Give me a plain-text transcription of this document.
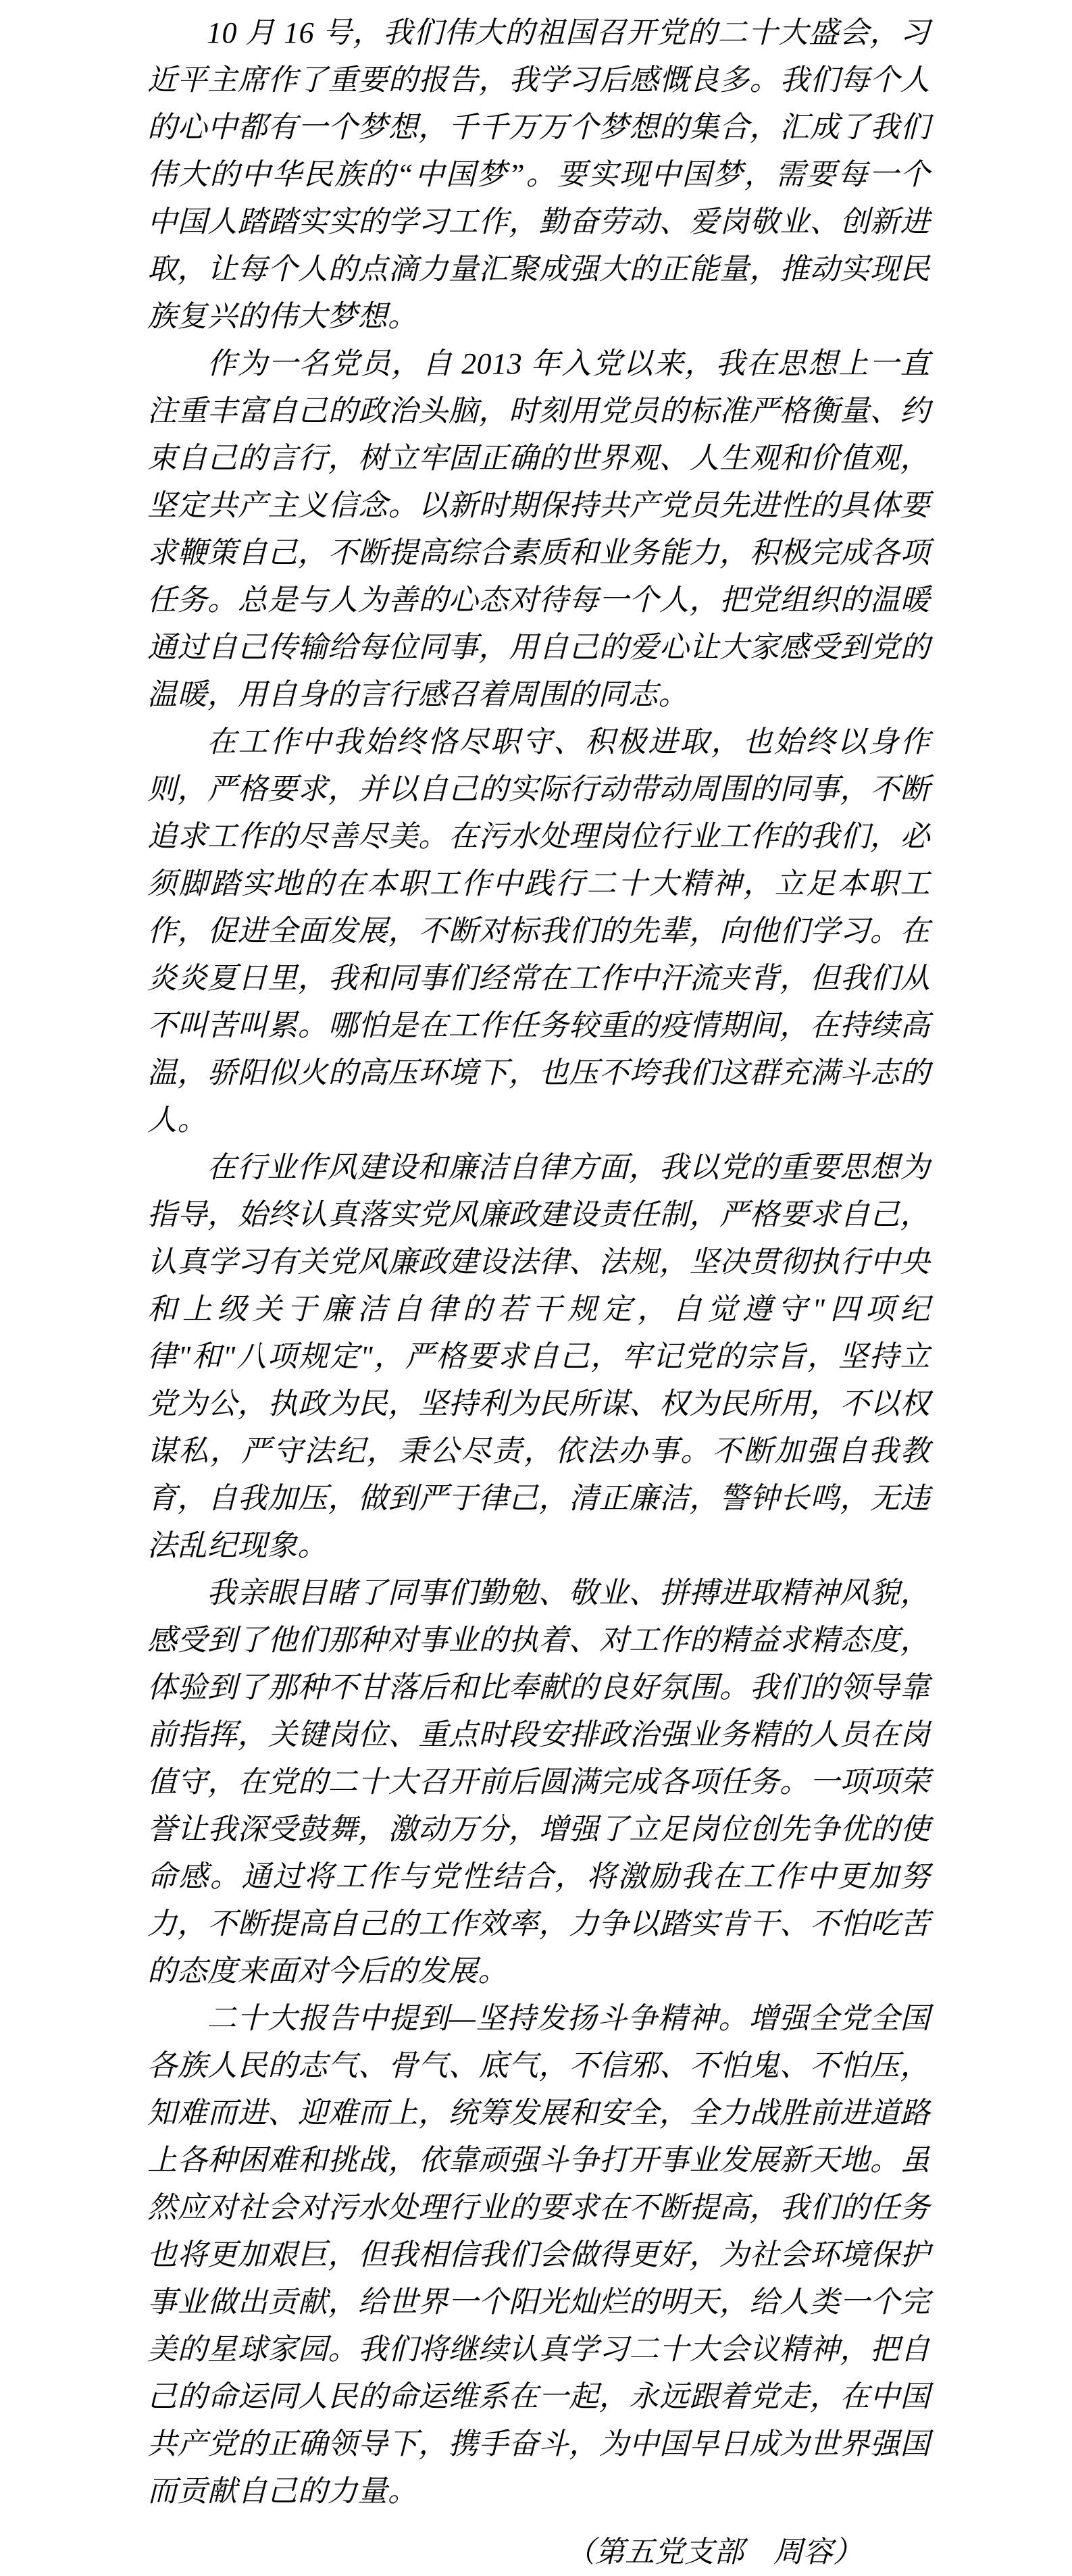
10 月 16 号，我们伟大的祖国召开党的二十大盛会，习近平主席作了重要的报告，我学习后感慨良多。我们每个人的心中都有一个梦想，千千万万个梦想的集合，汇成了我们伟大的中华民族的“中国梦”。要实现中国梦，需要每一个中国人踏踏实实的学习工作，勤奋劳动、爱岗敬业、创新进取，让每个人的点滴力量汇聚成强大的正能量，推动实现民族复兴的伟大梦想。

作为一名党员，自 2013 年入党以来，我在思想上一直注重丰富自己的政治头脑，时刻用党员的标准严格衡量、约束自己的言行，树立牢固正确的世界观、人生观和价值观，坚定共产主义信念。以新时期保持共产党员先进性的具体要求鞭策自己，不断提高综合素质和业务能力，积极完成各项任务。总是与人为善的心态对待每一个人，把党组织的温暖通过自己传输给每位同事，用自己的爱心让大家感受到党的温暖，用自身的言行感召着周围的同志。

在工作中我始终恪尽职守、积极进取，也始终以身作则，严格要求，并以自己的实际行动带动周围的同事，不断追求工作的尽善尽美。在污水处理岗位行业工作的我们，必须脚踏实地的在本职工作中践行二十大精神，立足本职工作，促进全面发展，不断对标我们的先辈，向他们学习。在炎炎夏日里，我和同事们经常在工作中汗流夹背，但我们从不叫苦叫累。哪怕是在工作任务较重的疫情期间，在持续高温，骄阳似火的高压环境下，也压不垮我们这群充满斗志的人。

在行业作风建设和廉洁自律方面，我以党的重要思想为指导，始终认真落实党风廉政建设责任制，严格要求自己，认真学习有关党风廉政建设法律、法规，坚决贯彻执行中央和上级关于廉洁自律的若干规定，自觉遵守"四项纪律"和"八项规定"，严格要求自己，牢记党的宗旨，坚持立党为公，执政为民，坚持利为民所谋、权为民所用，不以权谋私，严守法纪，秉公尽责，依法办事。不断加强自我教育，自我加压，做到严于律己，清正廉洁，警钟长鸣，无违法乱纪现象。

我亲眼目睹了同事们勤勉、敬业、拼搏进取精神风貌，感受到了他们那种对事业的执着、对工作的精益求精态度，体验到了那种不甘落后和比奉献的良好氛围。我们的领导靠前指挥，关键岗位、重点时段安排政治强业务精的人员在岗值守，在党的二十大召开前后圆满完成各项任务。一项项荣誉让我深受鼓舞，激动万分，增强了立足岗位创先争优的使命感。通过将工作与党性结合，将激励我在工作中更加努力，不断提高自己的工作效率，力争以踏实肯干、不怕吃苦的态度来面对今后的发展。

二十大报告中提到—坚持发扬斗争精神。增强全党全国各族人民的志气、骨气、底气，不信邪、不怕鬼、不怕压，知难而进、迎难而上，统筹发展和安全，全力战胜前进道路上各种困难和挑战，依靠顽强斗争打开事业发展新天地。虽然应对社会对污水处理行业的要求在不断提高，我们的任务也将更加艰巨，但我相信我们会做得更好，为社会环境保护事业做出贡献，给世界一个阳光灿烂的明天，给人类一个完美的星球家园。我们将继续认真学习二十大会议精神，把自己的命运同人民的命运维系在一起，永远跟着党走，在中国共产党的正确领导下，携手奋斗，为中国早日成为世界强国而贡献自己的力量。

（第五党支部　周容）
